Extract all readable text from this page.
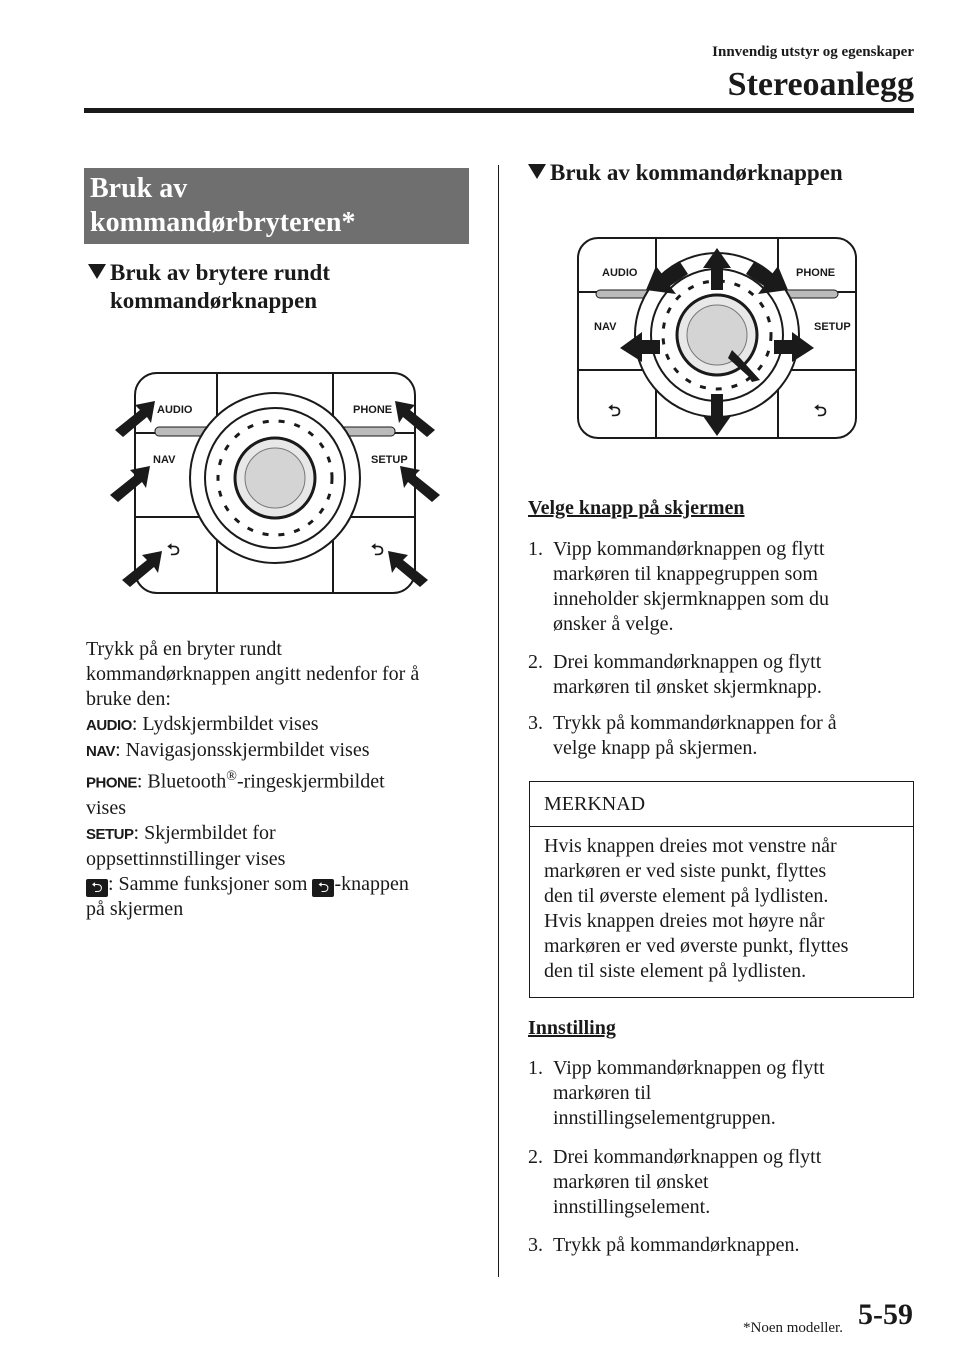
Innvendig utstyr og egenskaper
Stereoanlegg
Bruk av
kommandørbryteren*
Bruk av brytere rundt
kommandørknappen
AUDIO	PHONE
NAV	SETUP
⮌	⮌
Trykk på en bryter rundt
kommandørknappen angitt nedenfor for å
bruke den:
AUDIO: Lydskjermbildet vises
NAV: Navigasjonsskjermbildet vises
PHONE: Bluetooth®-ringeskjermbildet
vises
SETUP: Skjermbildet for
oppsettinnstillinger vises
⮌ : Samme funksjoner som ⮌ -knappen
på skjermen
Bruk av kommandørknappen
AUDIO	PHONE
NAV	SETUP
⮌	⮌
Velge knapp på skjermen
1. Vipp kommandørknappen og flytt
markøren til knappegruppen som
inneholder skjermknappen som du
ønsker å velge.
2. Drei kommandørknappen og flytt
markøren til ønsket skjermknapp.
3. Trykk på kommandørknappen for å
velge knapp på skjermen.
MERKNAD
Hvis knappen dreies mot venstre når
markøren er ved siste punkt, flyttes
den til øverste element på lydlisten.
Hvis knappen dreies mot høyre når
markøren er ved øverste punkt, flyttes
den til siste element på lydlisten.
Innstilling
1. Vipp kommandørknappen og flytt
markøren til
innstillingselementgruppen.
2. Drei kommandørknappen og flytt
markøren til ønsket
innstillingselement.
3. Trykk på kommandørknappen.
*Noen modeller. 5-59
